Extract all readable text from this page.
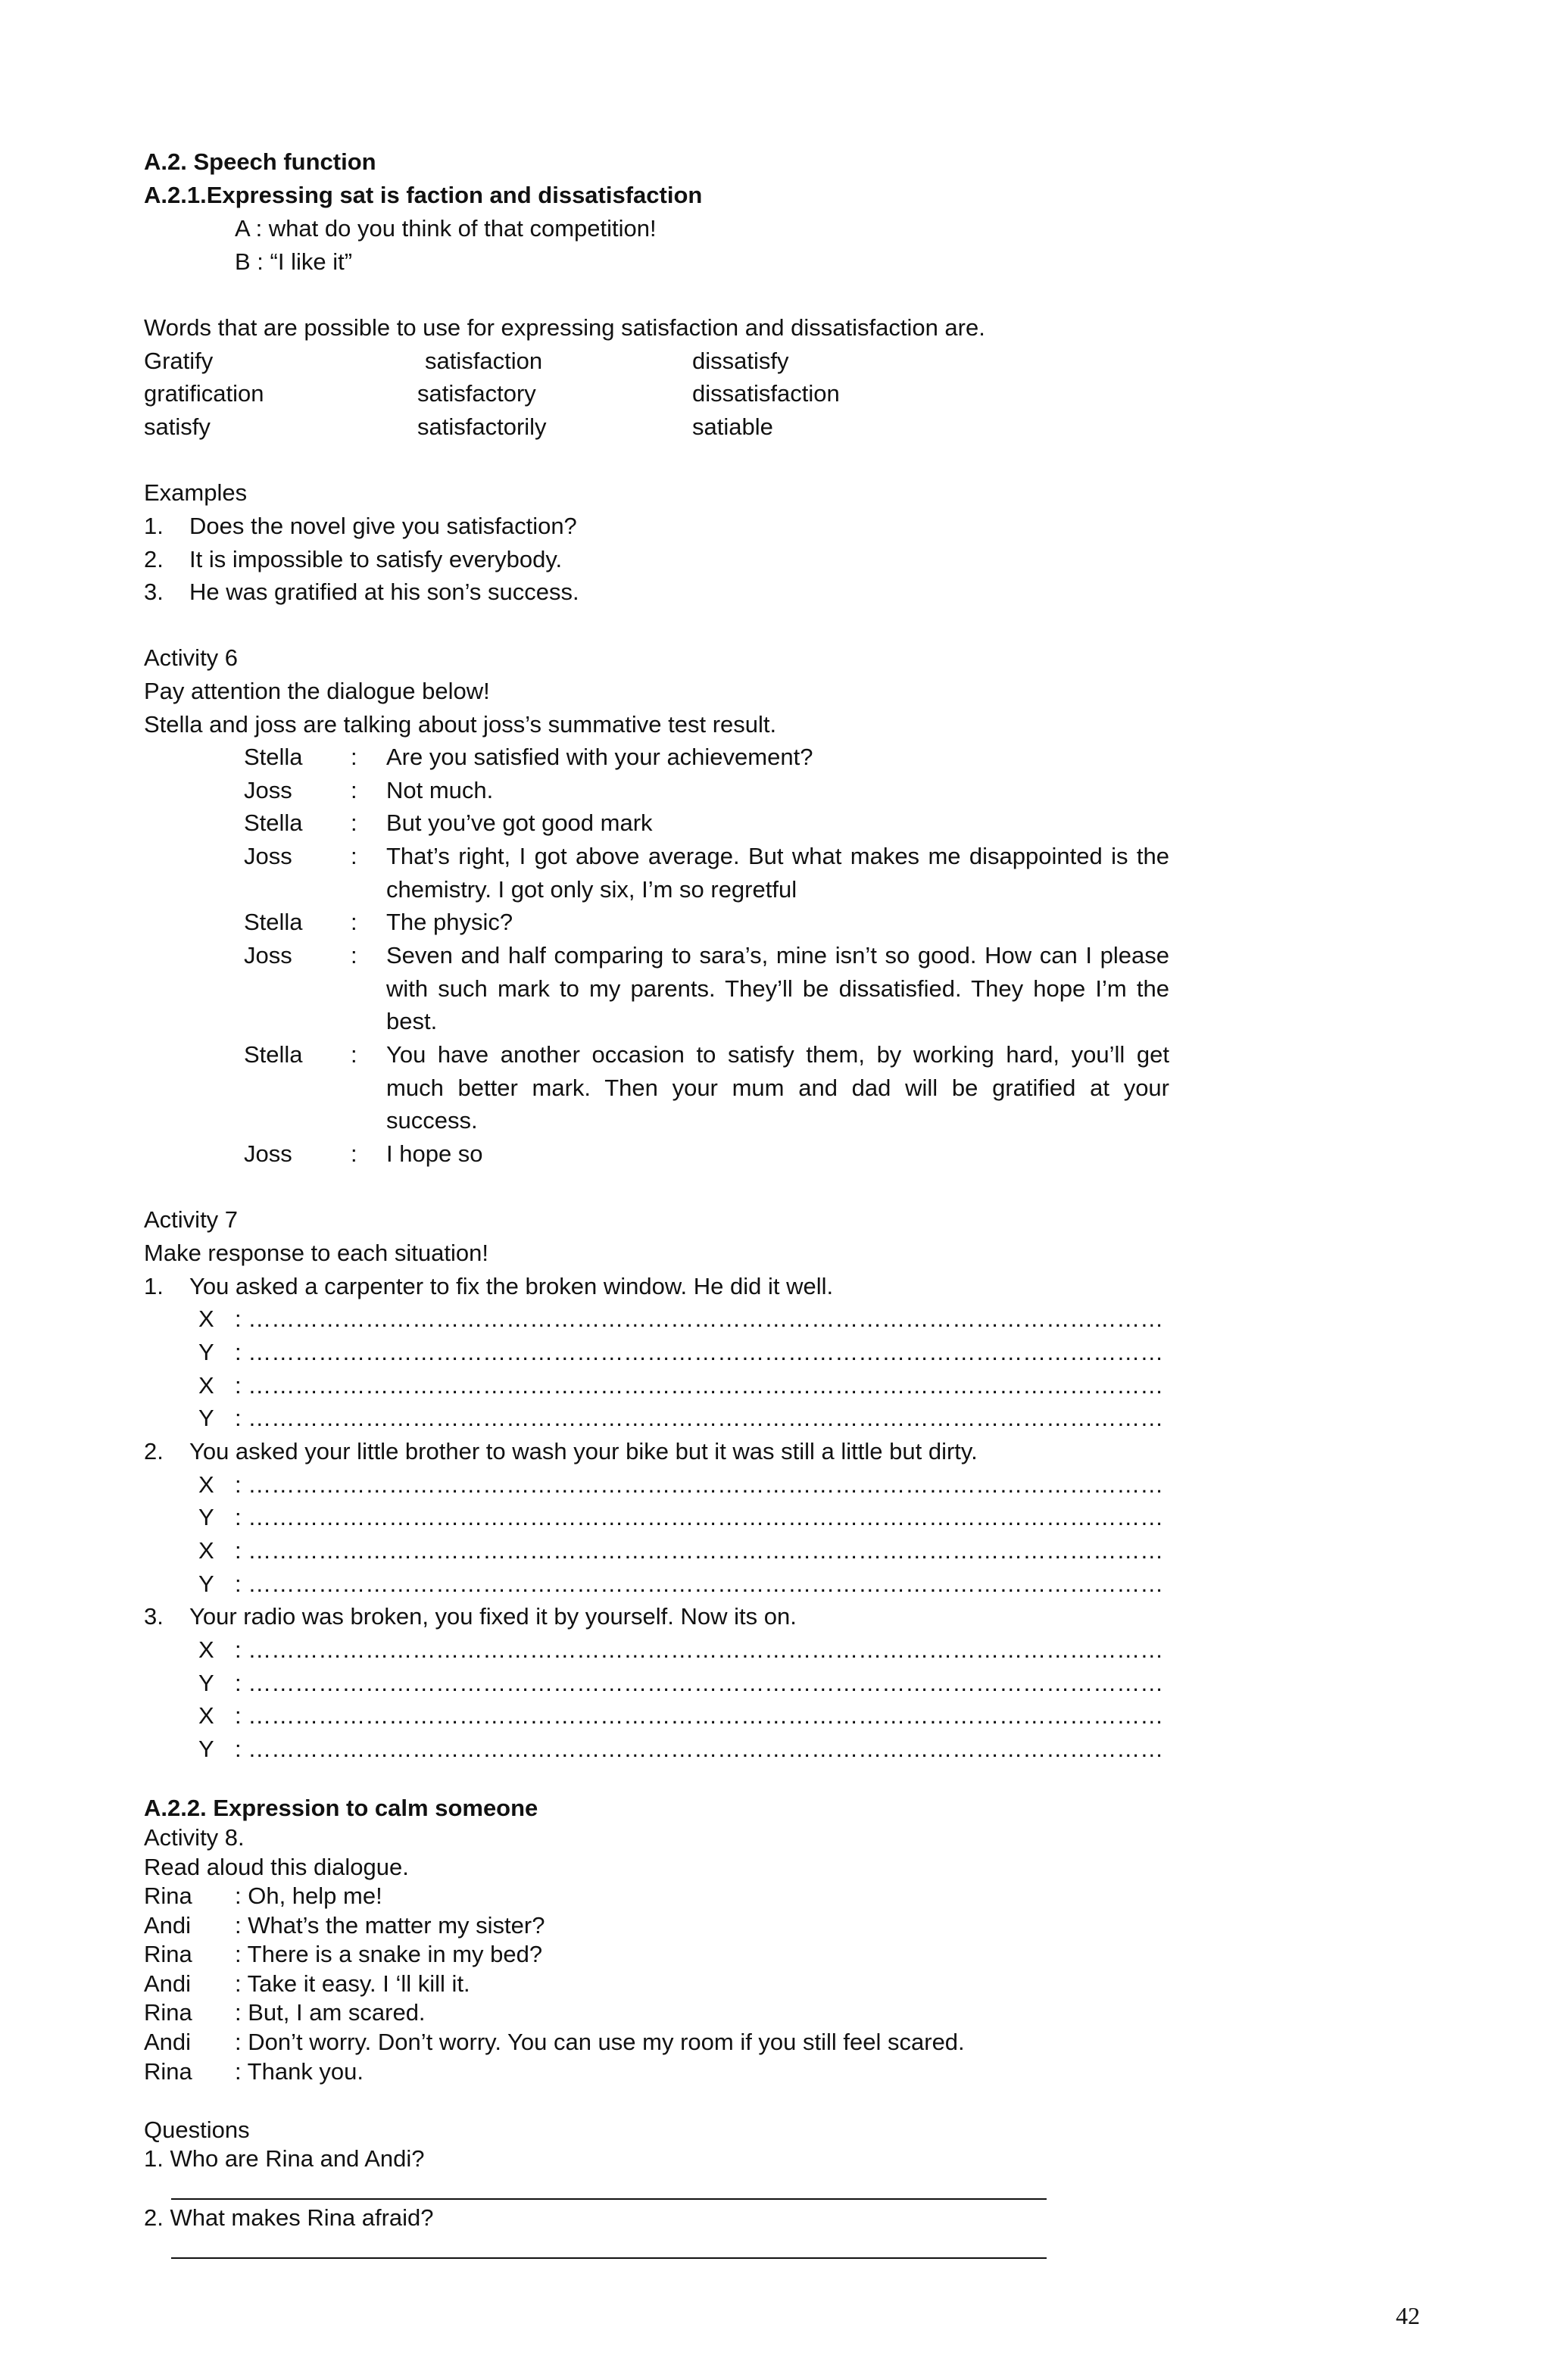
A.2. Speech function
A.2.1.Expressing sat is faction and dissatisfaction
A : what do you think of that competition!
B : “I like it”
Words that are possible to use for expressing satisfaction and dissatisfaction are.
Gratify	satisfaction	dissatisfy
gratification	satisfactory	dissatisfaction
satisfy	satisfactorily	satiable
Examples
1. Does the novel give you satisfaction?
2. It is impossible to satisfy everybody.
3. He was gratified at his son’s success.
Activity 6
Pay attention the dialogue below!
Stella and joss are talking about joss’s summative test result.
Stella : Are you satisfied with your achievement?
Joss : Not much.
Stella : But you’ve got good mark
Joss : That’s right, I got above average. But what makes me disappointed is the chemistry. I got only six, I’m so regretful
Stella : The physic?
Joss : Seven and half comparing to sara’s, mine isn’t so good. How can I please with such mark to my parents. They’ll be dissatisfied. They hope I’m the best.
Stella : You have another occasion to satisfy them, by working hard, you’ll get much better mark. Then your mum and dad will be gratified at your success.
Joss : I hope so
Activity 7
Make response to each situation!
1. You asked a carpenter to fix the broken window. He did it well.
X : ………………………………………………………………………………………………………
Y : ………………………………………………………………………………………………………
X : ………………………………………………………………………………………………………
Y : ………………………………………………………………………………………………………
2. You asked your little brother to wash your bike but it was still a little but dirty.
X : ………………………………………………………………………………………………………
Y : ………………………………………………………………………………………………………
X : ………………………………………………………………………………………………………
Y : ………………………………………………………………………………………………………
3. Your radio was broken, you fixed it by yourself. Now its on.
X : ………………………………………………………………………………………………………
Y : ………………………………………………………………………………………………………
X : ………………………………………………………………………………………………………
Y : ………………………………………………………………………………………………………
A.2.2. Expression to calm someone
Activity 8.
Read aloud this dialogue.
Rina : Oh, help me!
Andi : What’s the matter my sister?
Rina : There is a snake in my bed?
Andi : Take it easy. I ‘ll kill it.
Rina : But, I am scared.
Andi : Don’t worry. Don’t worry. You can use my room if you still feel scared.
Rina : Thank you.
Questions
1. Who are Rina and Andi?
2. What makes Rina afraid?
42
